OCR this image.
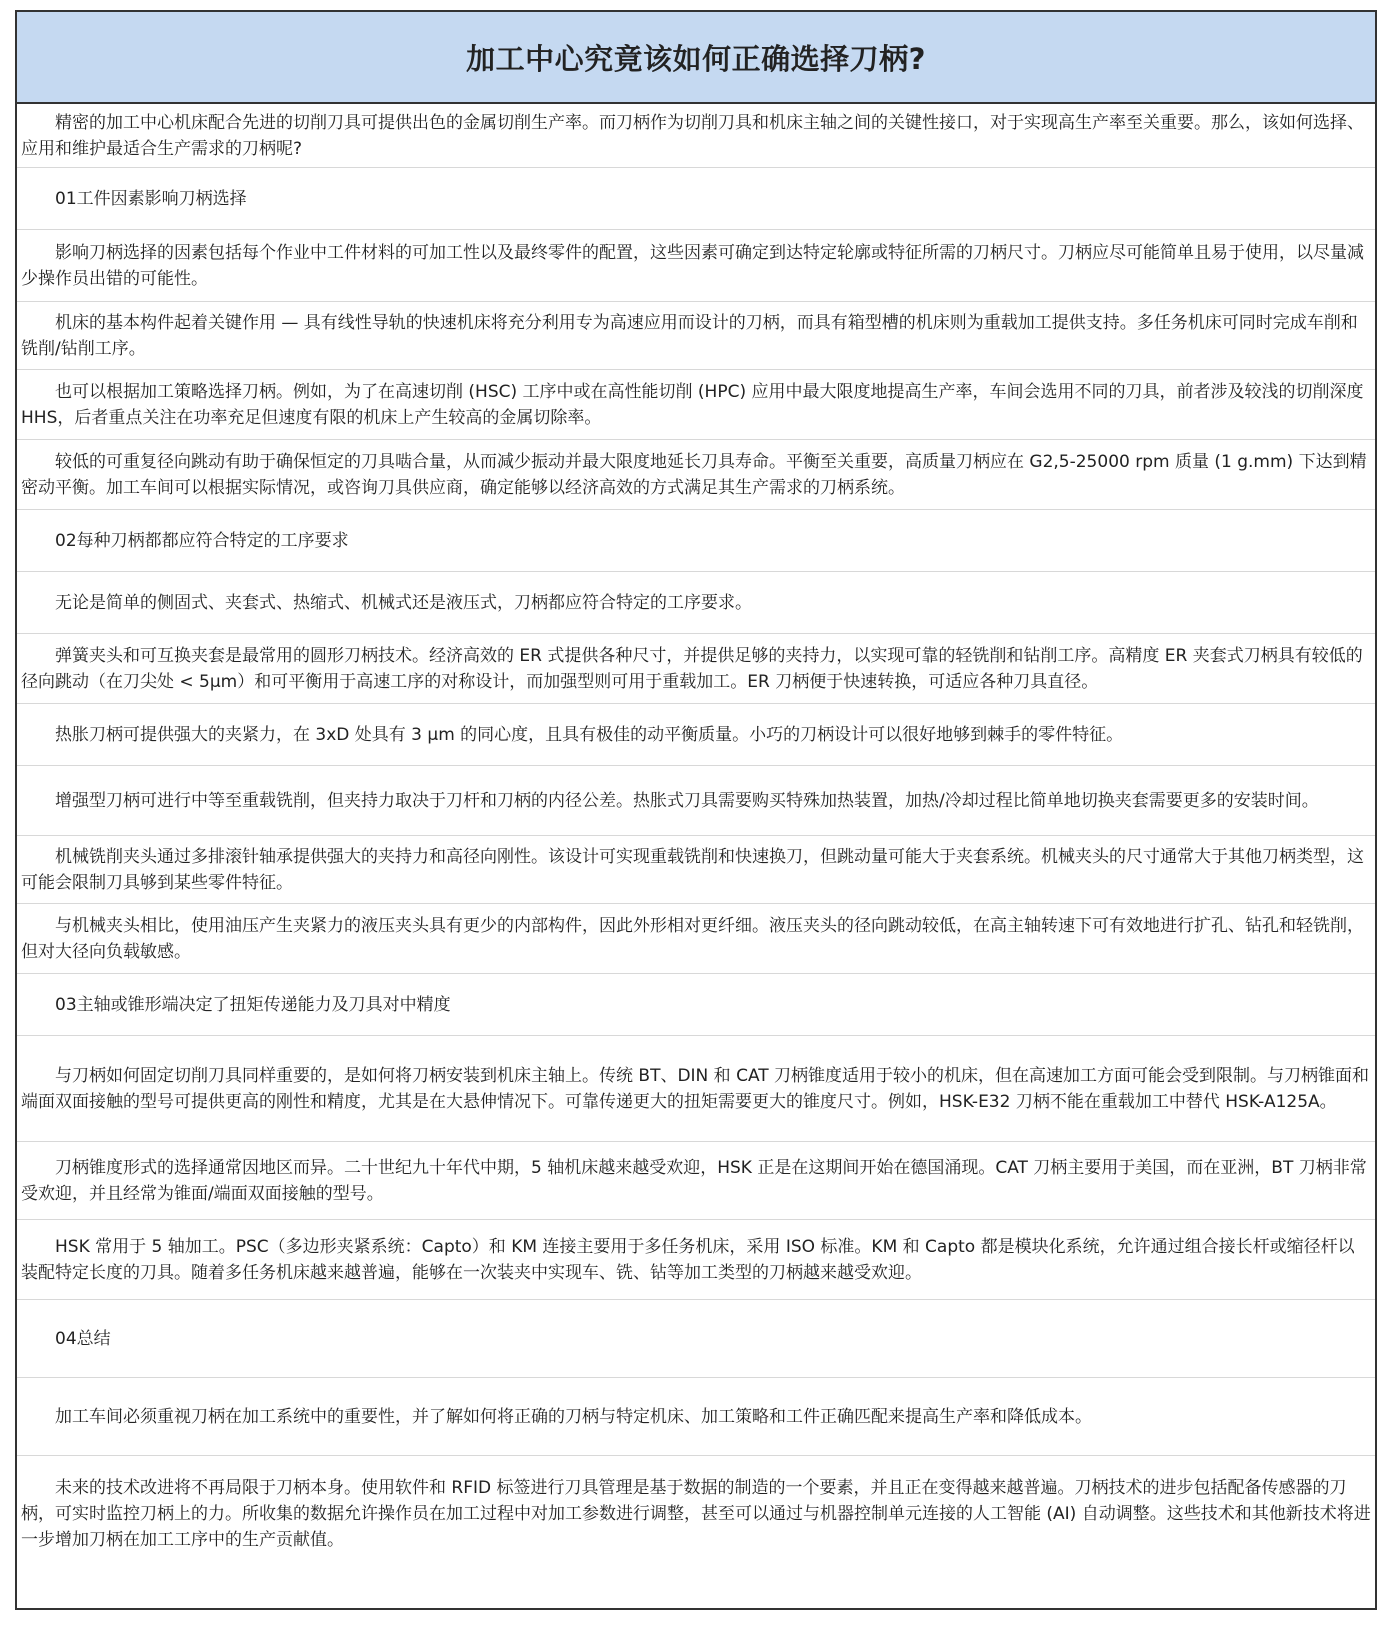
加工中心究竟该如何正确选择刀柄?
精密的加工中心机床配合先进的切削刀具可提供出色的金属切削生产率。而刀柄作为切削刀具和机床主轴之间的关键性接口，对于实现高生产率至关重要。那么，该如何选择、应用和维护最适合生产需求的刀柄呢?
01工件因素影响刀柄选择
影响刀柄选择的因素包括每个作业中工件材料的可加工性以及最终零件的配置，这些因素可确定到达特定轮廓或特征所需的刀柄尺寸。刀柄应尽可能简单且易于使用，以尽量减少操作员出错的可能性。
机床的基本构件起着关键作用 — 具有线性导轨的快速机床将充分利用专为高速应用而设计的刀柄，而具有箱型槽的机床则为重载加工提供支持。多任务机床可同时完成车削和铣削/钻削工序。
也可以根据加工策略选择刀柄。例如，为了在高速切削 (HSC) 工序中或在高性能切削 (HPC) 应用中最大限度地提高生产率，车间会选用不同的刀具，前者涉及较浅的切削深度HHS，后者重点关注在功率充足但速度有限的机床上产生较高的金属切除率。
较低的可重复径向跳动有助于确保恒定的刀具啮合量，从而减少振动并最大限度地延长刀具寿命。平衡至关重要，高质量刀柄应在 G2,5-25000 rpm 质量 (1 g.mm) 下达到精密动平衡。加工车间可以根据实际情况，或咨询刀具供应商，确定能够以经济高效的方式满足其生产需求的刀柄系统。
02每种刀柄都都应符合特定的工序要求
无论是简单的侧固式、夹套式、热缩式、机械式还是液压式，刀柄都应符合特定的工序要求。
弹簧夹头和可互换夹套是最常用的圆形刀柄技术。经济高效的 ER 式提供各种尺寸，并提供足够的夹持力，以实现可靠的轻铣削和钻削工序。高精度 ER 夹套式刀柄具有较低的径向跳动（在刀尖处 < 5μm）和可平衡用于高速工序的对称设计，而加强型则可用于重载加工。ER 刀柄便于快速转换，可适应各种刀具直径。
热胀刀柄可提供强大的夹紧力，在 3xD 处具有 3 μm 的同心度，且具有极佳的动平衡质量。小巧的刀柄设计可以很好地够到棘手的零件特征。
增强型刀柄可进行中等至重载铣削，但夹持力取决于刀杆和刀柄的内径公差。热胀式刀具需要购买特殊加热装置，加热/冷却过程比简单地切换夹套需要更多的安装时间。
机械铣削夹头通过多排滚针轴承提供强大的夹持力和高径向刚性。该设计可实现重载铣削和快速换刀，但跳动量可能大于夹套系统。机械夹头的尺寸通常大于其他刀柄类型，这可能会限制刀具够到某些零件特征。
与机械夹头相比，使用油压产生夹紧力的液压夹头具有更少的内部构件，因此外形相对更纤细。液压夹头的径向跳动较低，在高主轴转速下可有效地进行扩孔、钻孔和轻铣削，但对大径向负载敏感。
03主轴或锥形端决定了扭矩传递能力及刀具对中精度
与刀柄如何固定切削刀具同样重要的，是如何将刀柄安装到机床主轴上。传统 BT、DIN 和 CAT 刀柄锥度适用于较小的机床，但在高速加工方面可能会受到限制。与刀柄锥面和端面双面接触的型号可提供更高的刚性和精度，尤其是在大悬伸情况下。可靠传递更大的扭矩需要更大的锥度尺寸。例如，HSK-E32 刀柄不能在重载加工中替代 HSK-A125A。
刀柄锥度形式的选择通常因地区而异。二十世纪九十年代中期，5 轴机床越来越受欢迎，HSK 正是在这期间开始在德国涌现。CAT 刀柄主要用于美国，而在亚洲，BT 刀柄非常受欢迎，并且经常为锥面/端面双面接触的型号。
HSK 常用于 5 轴加工。PSC（多边形夹紧系统：Capto）和 KM 连接主要用于多任务机床，采用 ISO 标准。KM 和 Capto 都是模块化系统，允许通过组合接长杆或缩径杆以装配特定长度的刀具。随着多任务机床越来越普遍，能够在一次装夹中实现车、铣、钻等加工类型的刀柄越来越受欢迎。
04总结
加工车间必须重视刀柄在加工系统中的重要性，并了解如何将正确的刀柄与特定机床、加工策略和工件正确匹配来提高生产率和降低成本。
未来的技术改进将不再局限于刀柄本身。使用软件和 RFID 标签进行刀具管理是基于数据的制造的一个要素，并且正在变得越来越普遍。刀柄技术的进步包括配备传感器的刀柄，可实时监控刀柄上的力。所收集的数据允许操作员在加工过程中对加工参数进行调整，甚至可以通过与机器控制单元连接的人工智能 (AI) 自动调整。这些技术和其他新技术将进一步增加刀柄在加工工序中的生产贡献值。
